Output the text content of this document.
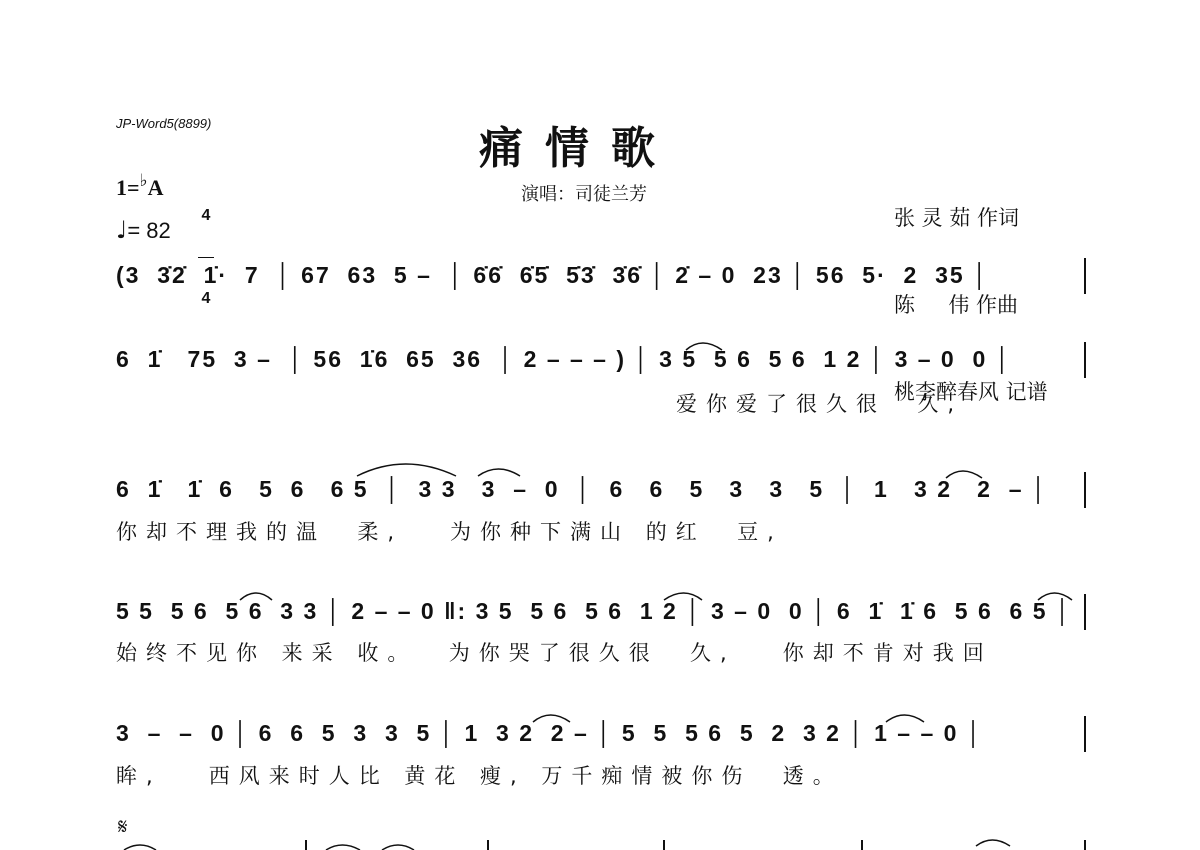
JP-Word5(8899)	痛情歌
演唱：司徒兰芳

张 灵 茹 作词

陈     伟 作曲

桃李醉春风 记谱

1=♭A

4

4

♩= 82
(3  3̇2̇  1̇·  7  │ 67  63  5 –  │ 6̇6̇  6̇5̇  5̇3̇  3̇6̇ │ 2̇ – 0  23 │ 56  5·  2  35 │
6  1̇   75  3 –  │ 56  1̇6  65  36  │ 2 – – – ) │ 3 5  5 6  5 6  1 2 │ 3 – 0  0 │
爱你爱了很久很  久,
6  1̇   1̇  6   5  6   6 5  │  3 3   3  –  0  │  6   6   5   3   3   5  │  1   3 2   2  – │
你却不理我的温  柔,   为你种下满山 的红  豆,
5 5  5 6  5 6  3 3 │ 2 – – 0 ‖: 3 5  5 6  5 6  1 2 │ 3 – 0  0 │ 6  1̇  1̇ 6  5 6  6 5 │
始终不见你 来采 收。  为你哭了很久很  久,   你却不肯对我回
3  –  –  0 │ 6  6  5  3  3  5 │ 1  3 2  2 – │ 5  5  5 6  5  2  3 2 │ 1 – – 0 │
眸,   西风来时人比 黄花 瘦, 万千痴情被你伤  透。
𝄋
